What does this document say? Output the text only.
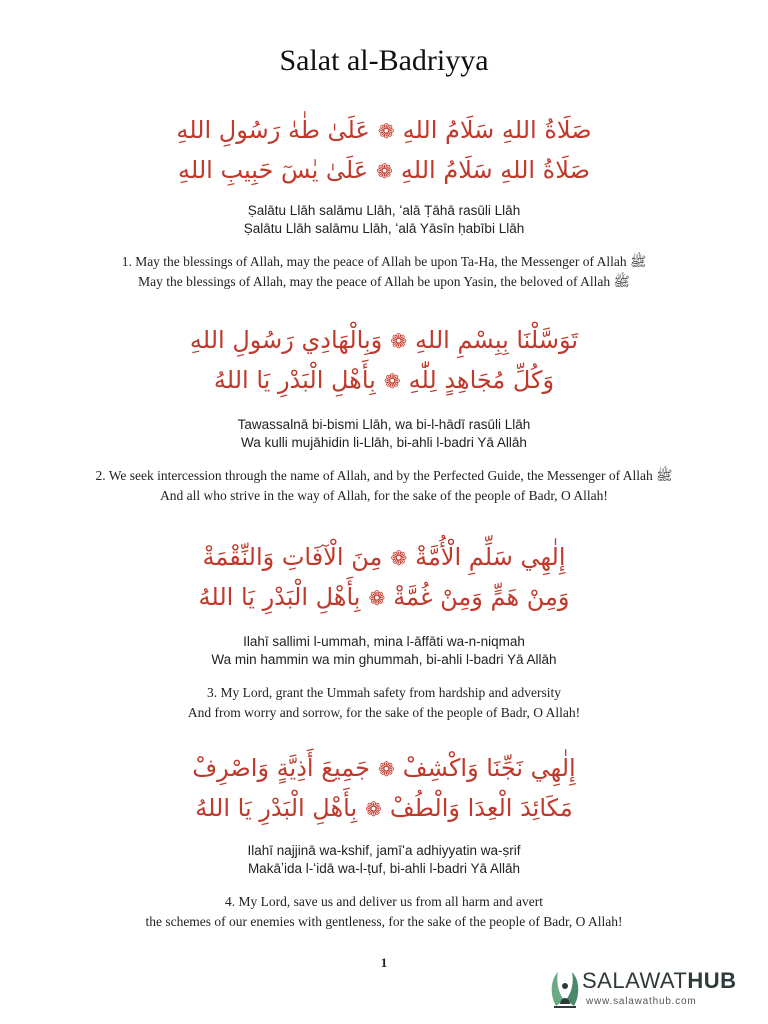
Salat al-Badriyya
صَلَاةُ اللهِ سَلَامُ اللهِ❁عَلَىٰ طٰهٰ رَسُولِ اللهِ
صَلَاةُ اللهِ سَلَامُ اللهِ❁عَلَىٰ يٰسٓ حَبِيبِ اللهِ
Ṣalātu Llāh salāmu Llāh, ʻalā Ṭāhā rasūli Llāh
Ṣalātu Llāh salāmu Llāh, ʻalā Yāsīn ḥabībi Llāh
1. May the blessings of Allah, may the peace of Allah be upon Ta-Ha, the Messenger of Allah ﷺ
May the blessings of Allah, may the peace of Allah be upon Yasin, the beloved of Allah ﷺ
تَوَسَّلْنَا بِبِسْمِ اللهِ❁وَبِالْهَادِي رَسُولِ اللهِ
وَكُلِّ مُجَاهِدٍ لِلّٰهِ❁بِأَهْلِ الْبَدْرِ يَا اللهُ
Tawassalnā bi-bismi Llāh, wa bi-l-hādī rasūli Llāh
Wa kulli mujāhidin li-Llāh, bi-ahli l-badri Yā Allāh
2. We seek intercession through the name of Allah, and by the Perfected Guide, the Messenger of Allah ﷺ
And all who strive in the way of Allah, for the sake of the people of Badr, O Allah!
إِلٰهِي سَلِّمِ الْأُمَّةْ❁مِنَ الْآفَاتِ وَالنِّقْمَةْ
وَمِنْ هَمٍّ وَمِنْ غُمَّةْ❁بِأَهْلِ الْبَدْرِ يَا اللهُ
Ilahī sallimi l-ummah, mina l-āffāti wa-n-niqmah
Wa min hammin wa min ghummah, bi-ahli l-badri Yā Allāh
3. My Lord, grant the Ummah safety from hardship and adversity
And from worry and sorrow, for the sake of the people of Badr, O Allah!
إِلٰهِي نَجِّنَا وَاكْشِفْ❁جَمِيعَ أَذِيَّةٍ وَاصْرِفْ
مَكَائِدَ الْعِدَا وَالْطُفْ❁بِأَهْلِ الْبَدْرِ يَا اللهُ
Ilahī najjinā wa-kshif, jamīʻa adhiyyatin wa-ṣrif
Makāʼida l-ʻidā wa-l-ṭuf, bi-ahli l-badri Yā Allāh
4. My Lord, save us and deliver us from all harm and avert
the schemes of our enemies with gentleness, for the sake of the people of Badr, O Allah!
1
SALAWATHUB
www.salawathub.com
